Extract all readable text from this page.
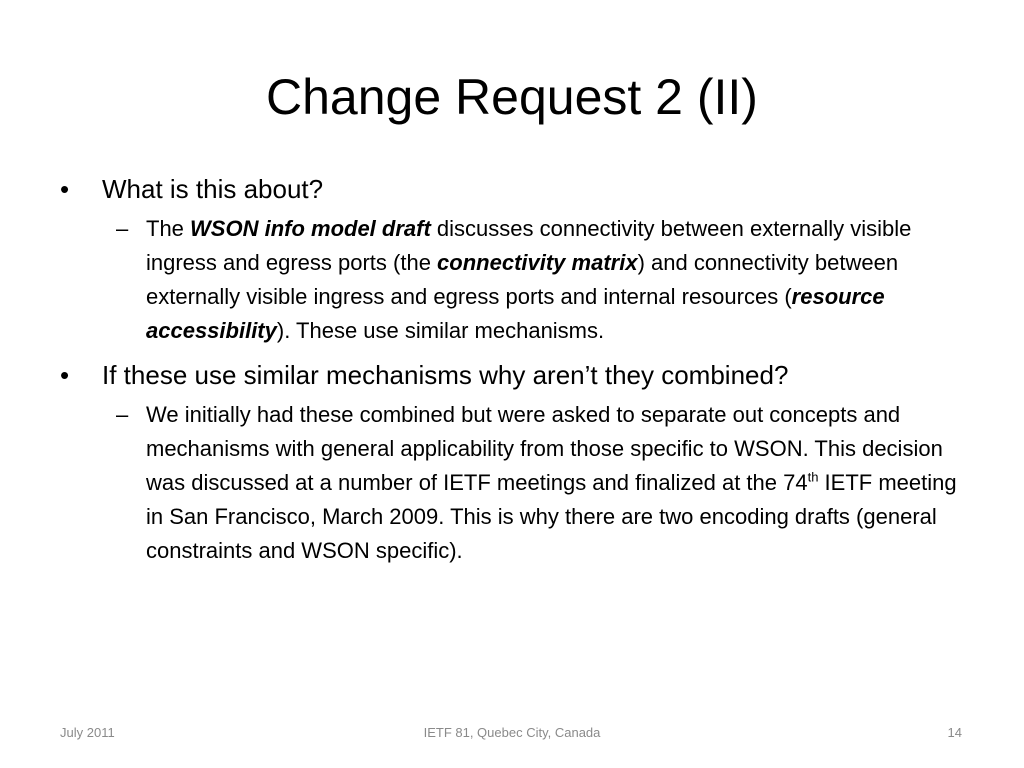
Change Request 2 (II)
• What is this about?
– The WSON info model draft discusses connectivity between externally visible ingress and egress ports (the connectivity matrix) and connectivity between externally visible ingress and egress ports and internal resources (resource accessibility). These use similar mechanisms.
• If these use similar mechanisms why aren’t they combined?
– We initially had these combined but were asked to separate out concepts and mechanisms with general applicability from those specific to WSON. This decision was discussed at a number of IETF meetings and finalized at the 74th IETF meeting in San Francisco, March 2009. This is why there are two encoding drafts (general constraints and WSON specific).
July 2011	IETF 81, Quebec City, Canada	14
